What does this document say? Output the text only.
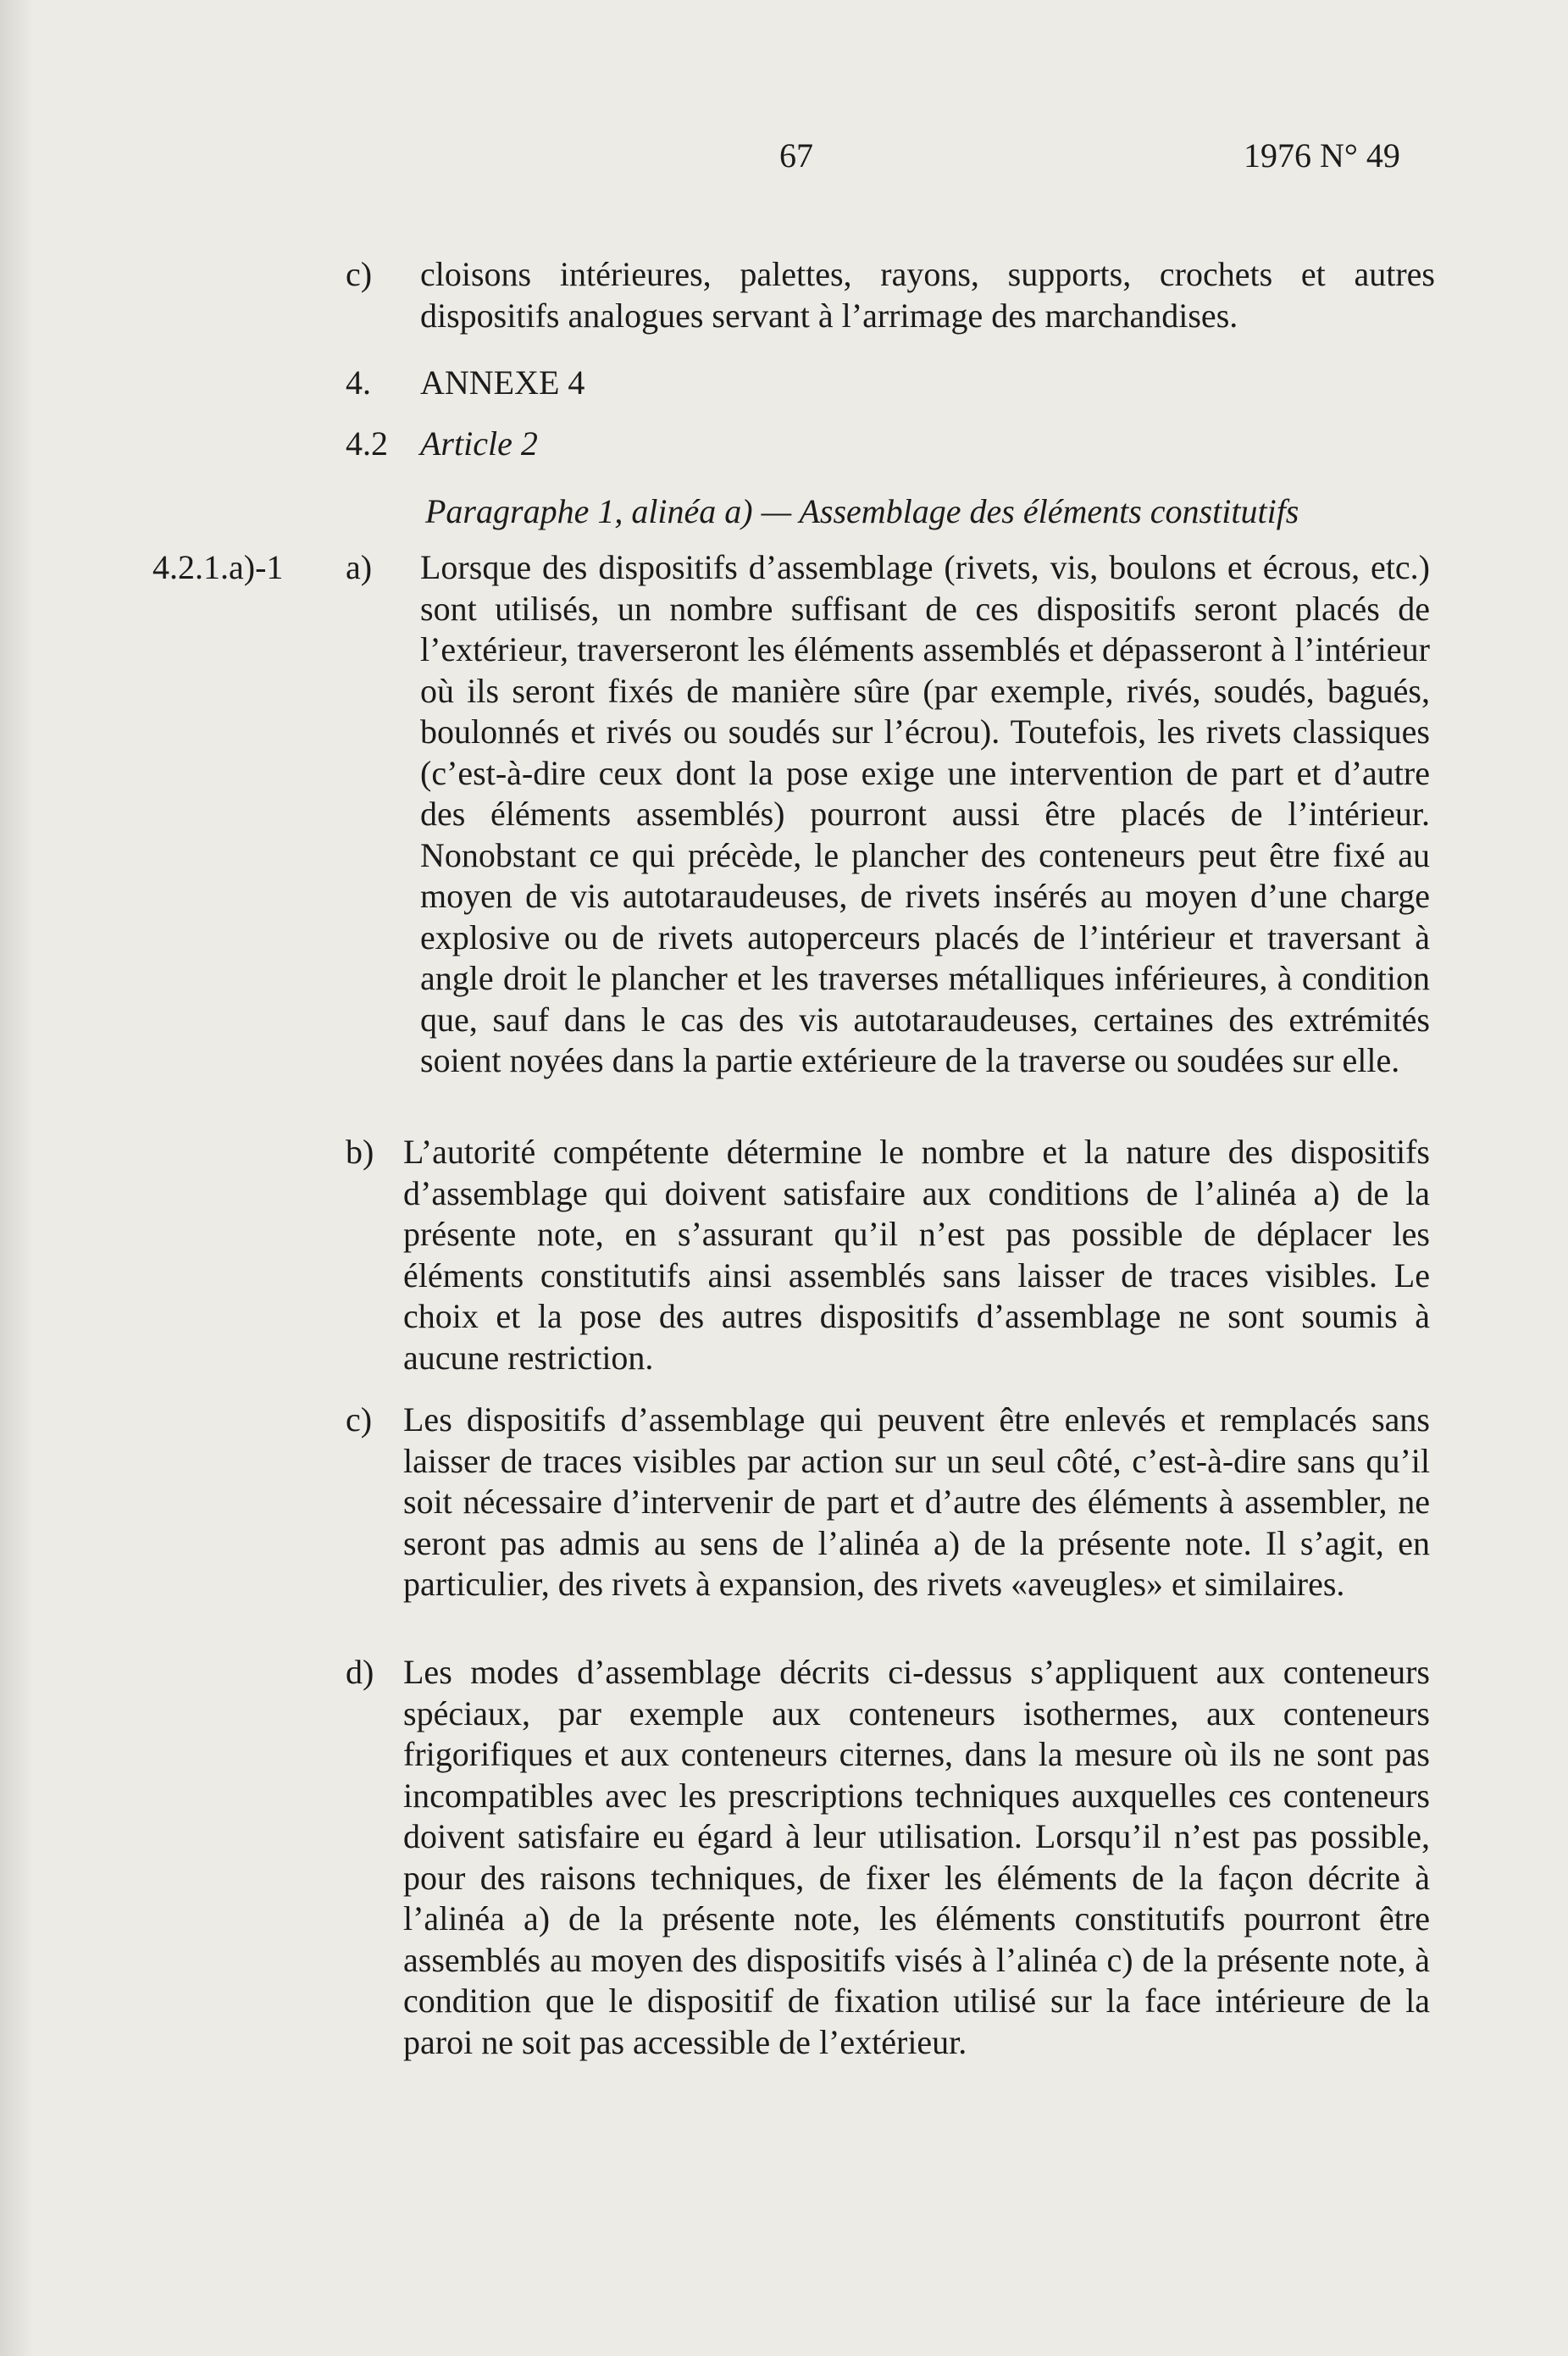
67	1976 N° 49
c) cloisons intérieures, palettes, rayons, supports, crochets et autres dispositifs analogues servant à l’arrimage des marchandises.
4. ANNEXE 4
4.2 Article 2
Paragraphe 1, alinéa a) — Assemblage des éléments constitutifs
4.2.1.a)-1 a) Lorsque des dispositifs d’assemblage (rivets, vis, boulons et écrous, etc.) sont utilisés, un nombre suffisant de ces dispositifs seront placés de l’extérieur, traverseront les éléments assemblés et dépasseront à l’intérieur où ils seront fixés de manière sûre (par exemple, rivés, soudés, bagués, boulonnés et rivés ou soudés sur l’écrou). Toutefois, les rivets classiques (c’est-à-dire ceux dont la pose exige une intervention de part et d’autre des éléments assemblés) pourront aussi être placés de l’intérieur. Nonobstant ce qui précède, le plancher des conteneurs peut être fixé au moyen de vis autotaraudeuses, de rivets insérés au moyen d’une charge explosive ou de rivets autoperceurs placés de l’intérieur et traversant à angle droit le plancher et les traverses métalliques inférieures, à condition que, sauf dans le cas des vis autotaraudeuses, certaines des extrémités soient noyées dans la partie extérieure de la traverse ou soudées sur elle.
b) L’autorité compétente détermine le nombre et la nature des dispositifs d’assemblage qui doivent satisfaire aux conditions de l’alinéa a) de la présente note, en s’assurant qu’il n’est pas possible de déplacer les éléments constitutifs ainsi assemblés sans laisser de traces visibles. Le choix et la pose des autres dispositifs d’assemblage ne sont soumis à aucune restriction.
c) Les dispositifs d’assemblage qui peuvent être enlevés et remplacés sans laisser de traces visibles par action sur un seul côté, c’est-à-dire sans qu’il soit nécessaire d’intervenir de part et d’autre des éléments à assembler, ne seront pas admis au sens de l’alinéa a) de la présente note. Il s’agit, en particulier, des rivets à expansion, des rivets «aveugles» et similaires.
d) Les modes d’assemblage décrits ci-dessus s’appliquent aux conteneurs spéciaux, par exemple aux conteneurs isothermes, aux conteneurs frigorifiques et aux conteneurs citernes, dans la mesure où ils ne sont pas incompatibles avec les prescriptions techniques auxquelles ces conteneurs doivent satisfaire eu égard à leur utilisation. Lorsqu’il n’est pas possible, pour des raisons techniques, de fixer les éléments de la façon décrite à l’alinéa a) de la présente note, les éléments constitutifs pourront être assemblés au moyen des dispositifs visés à l’alinéa c) de la présente note, à condition que le dispositif de fixation utilisé sur la face intérieure de la paroi ne soit pas accessible de l’extérieur.
